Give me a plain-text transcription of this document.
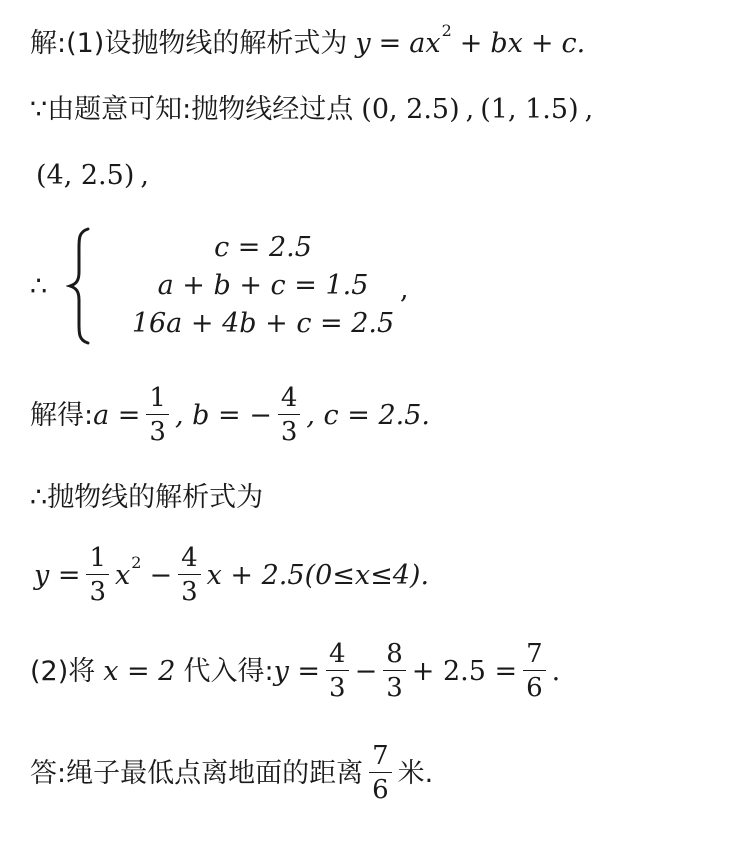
解:(1)设抛物线的解析式为 y = ax 2 + bx + c.
∵ 由题意可知:抛物线经过点 (0, 2.5) , (1, 1.5) ,
(4, 2.5) ,
∴
c = 2.5
a + b + c = 1.5
16a + 4b + c = 2.5
,
解得: $a = \frac{1}{3}$ , b = − $\frac{4}{3}$ , c = 2.5.
∴ 抛物线的解析式为
$y = \frac{1}{3}$ x $2 - \frac{4}{3}$ x + 2.5(0≤x≤4).
(2)将 x = 2 代入得: $y = \frac{4}{3} - \frac{8}{3} + 2.5 = \frac{7}{6}$ .
答:绳子最低点离地面的距离 $\frac{7}{6}$ 米.
